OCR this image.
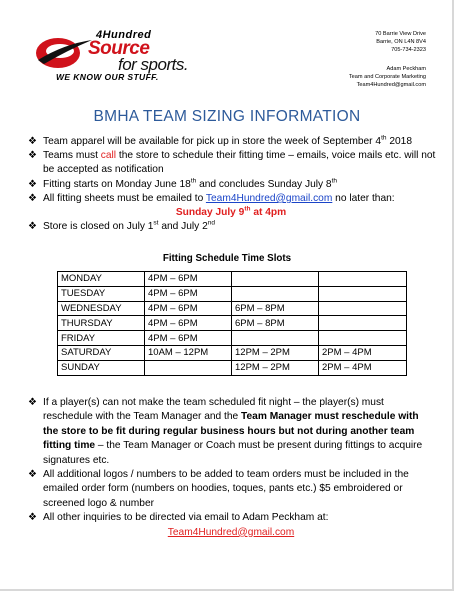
4Hundred
Source
for sports.
WE KNOW OUR STUFF.
70 Barrie View Drive
Barrie, ON L4N 8V4
705-734-2323
Adam Peckham
Team and Corporate Marketing
Team4Hundred@gmail.com
BMHA TEAM SIZING INFORMATION
❖ Team apparel will be available for pick up in store the week of September 4th 2018
❖ Teams must call the store to schedule their fitting time – emails, voice mails etc. will not be accepted as notification
❖ Fitting starts on Monday June 18th and concludes Sunday July 8th
❖ All fitting sheets must be emailed to Team4Hundred@gmail.com no later than:
Sunday July 9th at 4pm
❖ Store is closed on July 1st and July 2nd
Fitting Schedule Time Slots
MONDAY	4PM – 6PM		
TUESDAY	4PM – 6PM		
WEDNESDAY	4PM – 6PM	6PM – 8PM	
THURSDAY	4PM – 6PM	6PM – 8PM	
FRIDAY	4PM – 6PM		
SATURDAY	10AM – 12PM	12PM – 2PM	2PM – 4PM
SUNDAY		12PM – 2PM	2PM – 4PM
❖ If a player(s) can not make the team scheduled fit night – the player(s) must reschedule with the Team Manager and the Team Manager must reschedule with the store to be fit during regular business hours but not during another team fitting time – the Team Manager or Coach must be present during fittings to acquire signatures etc.
❖ All additional logos / numbers to be added to team orders must be included in the emailed order form (numbers on hoodies, toques, pants etc.) $5 embroidered or screened logo & number
❖ All other inquiries to be directed via email to Adam Peckham at:
Team4Hundred@gmail.com
